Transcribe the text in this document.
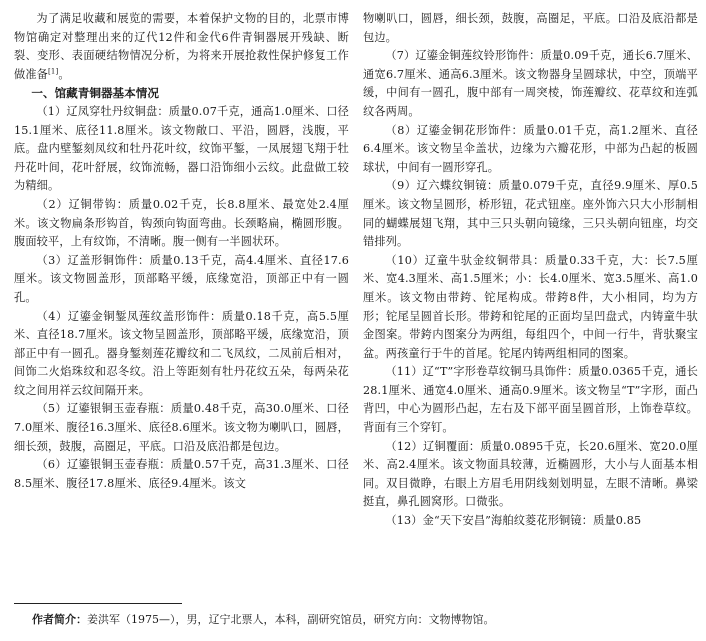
为了满足收藏和展览的需要，本着保护文物的目的，北票市博物馆确定对整理出来的辽代12件和金代6件青铜器展开残缺、断裂、变形、表面硬结物情况分析，为将来开展抢救性保护修复工作做准备[1]。

一、馆藏青铜器基本情况

（1）辽凤穿牡丹纹铜盘：质量0.07千克，通高1.0厘米、口径15.1厘米、底径11.8厘米。该文物敞口、平沿，圆唇，浅腹，平底。盘内壁錾刻凤纹和牡丹花叶纹，纹饰平錾，一凤展翅飞翔于牡丹花叶间，花叶舒展，纹饰流畅，器口沿饰细小云纹。此盘做工较为精细。

（2）辽铜带钩：质量0.02千克，长8.8厘米、最宽处2.4厘米。该文物扁条形钩首，钩颈向钩面弯曲。长颈略扁，椭圆形腹。腹面较平，上有纹饰，不清晰。腹一侧有一半圆状环。

（3）辽盖形铜饰件：质量0.13千克，高4.4厘米、直径17.6厘米。该文物圆盖形，顶部略平缓，底缘宽沿，顶部正中有一圆孔。

（4）辽鎏金铜錾凤莲纹盖形饰件：质量0.18千克，高5.5厘米、直径18.7厘米。该文物呈圆盖形，顶部略平缓，底缘宽沿，顶部正中有一圆孔。器身錾刻莲花瓣纹和二飞凤纹，二凤前后相对，间饰二火焰珠纹和忍冬纹。沿上等距刻有牡丹花纹五朵，每两朵花纹之间用祥云纹间隔开来。

（5）辽鎏银铜玉壶春瓶：质量0.48千克，高30.0厘米、口径7.0厘米、腹径16.3厘米、底径8.6厘米。该文物为喇叭口，圆唇，细长颈，鼓腹，高圈足，平底。口沿及底沿都是包边。

（6）辽鎏银铜玉壶春瓶：质量0.57千克，高31.3厘米、口径8.5厘米、腹径17.8厘米、底径9.4厘米。该文

物喇叭口，圆唇，细长颈，鼓腹，高圈足，平底。口沿及底沿都是包边。

（7）辽鎏金铜莲纹铃形饰件：质量0.09千克，通长6.7厘米、通宽6.7厘米、通高6.3厘米。该文物器身呈圆球状，中空，顶端平缓，中间有一圆孔，腹中部有一周突棱，饰莲瓣纹、花草纹和连弧纹各两周。

（8）辽鎏金铜花形饰件：质量0.01千克，高1.2厘米、直径6.4厘米。该文物呈伞盖状，边缘为六瓣花形，中部为凸起的板圆球状，中间有一圆形穿孔。

（9）辽六蝶纹铜镜：质量0.079千克，直径9.9厘米、厚0.5厘米。该文物呈圆形，桥形钮，花式钮座。座外饰六只大小形制相同的蝴蝶展翅飞翔，其中三只头朝向镜缘，三只头朝向钮座，均交错排列。

（10）辽童牛驮金纹铜带具：质量0.33千克，大：长7.5厘米、宽4.3厘米、高1.5厘米；小：长4.0厘米、宽3.5厘米、高1.0厘米。该文物由带銙、铊尾构成。带銙8件，大小相同，均为方形；铊尾呈圆首长形。带銙和铊尾的正面均呈凹盘式，内铸童牛驮金图案。带銙内图案分为两组，每组四个，中间一行牛，背驮聚宝盆。两孩童行于牛的首尾。铊尾内铸两组相同的图案。

（11）辽“T”字形卷草纹铜马具饰件：质量0.0365千克，通长28.1厘米、通宽4.0厘米、通高0.9厘米。该文物呈“T”字形，面凸背凹，中心为圆形凸起，左右及下部平面呈圆首形，上饰卷草纹。背面有三个穿钉。

（12）辽铜覆面：质量0.0895千克，长20.6厘米、宽20.0厘米、高2.4厘米。该文物面具较薄，近椭圆形，大小与人面基本相同。双目微睁，右眼上方眉毛用阴线刻划明显，左眼不清晰。鼻梁挺直，鼻孔圆窝形。口微张。

（13）金“天下安昌”海舶纹菱花形铜镜：质量0.85

作者简介：姜洪军（1975—），男，辽宁北票人，本科，副研究馆员，研究方向：文物博物馆。
